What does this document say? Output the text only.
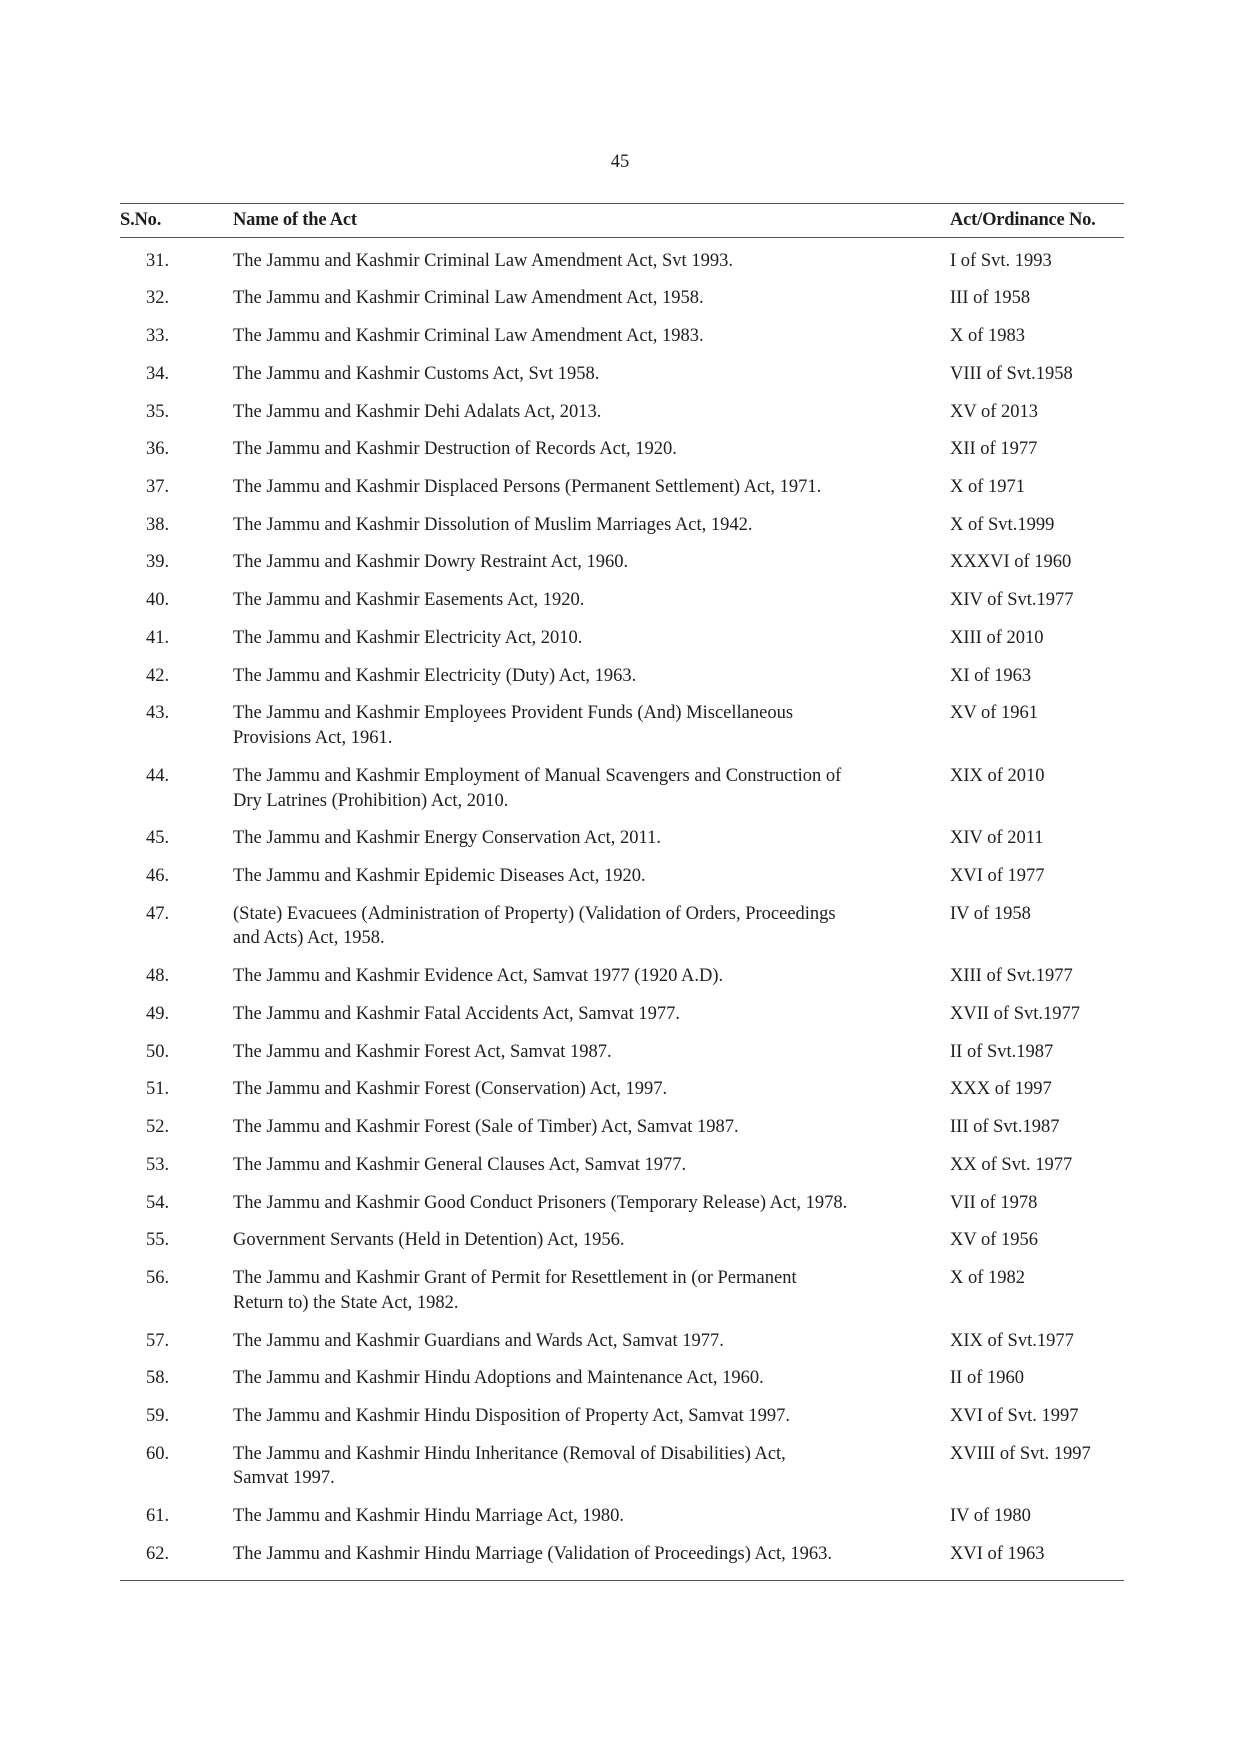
45
S.No.	Name of the Act	Act/Ordinance No.
31.	The Jammu and Kashmir Criminal Law Amendment Act, Svt 1993.	I of Svt. 1993
32.	The Jammu and Kashmir Criminal Law Amendment Act, 1958.	III of 1958
33.	The Jammu and Kashmir Criminal Law Amendment Act, 1983.	X of 1983
34.	The Jammu and Kashmir Customs Act, Svt 1958.	VIII of Svt.1958
35.	The Jammu and Kashmir Dehi Adalats Act, 2013.	XV of 2013
36.	The Jammu and Kashmir Destruction of Records Act, 1920.	XII of 1977
37.	The Jammu and Kashmir Displaced Persons (Permanent Settlement) Act, 1971.	X of 1971
38.	The Jammu and Kashmir Dissolution of Muslim Marriages Act, 1942.	X of Svt.1999
39.	The Jammu and Kashmir Dowry Restraint Act, 1960.	XXXVI of 1960
40.	The Jammu and Kashmir Easements Act, 1920.	XIV of Svt.1977
41.	The Jammu and Kashmir Electricity Act, 2010.	XIII of 2010
42.	The Jammu and Kashmir Electricity (Duty) Act, 1963.	XI of 1963
43.	The Jammu and Kashmir Employees Provident Funds (And) Miscellaneous
Provisions Act, 1961.	XV of 1961
44.	The Jammu and Kashmir Employment of Manual Scavengers and Construction of
Dry Latrines (Prohibition) Act, 2010.	XIX of 2010
45.	The Jammu and Kashmir Energy Conservation Act, 2011.	XIV of 2011
46.	The Jammu and Kashmir Epidemic Diseases Act, 1920.	XVI of 1977
47.	(State) Evacuees (Administration of Property) (Validation of Orders, Proceedings
and Acts) Act, 1958.	IV of 1958
48.	The Jammu and Kashmir Evidence Act, Samvat 1977 (1920 A.D).	XIII of Svt.1977
49.	The Jammu and Kashmir Fatal Accidents Act, Samvat 1977.	XVII of Svt.1977
50.	The Jammu and Kashmir Forest Act, Samvat 1987.	II of Svt.1987
51.	The Jammu and Kashmir Forest (Conservation) Act, 1997.	XXX of 1997
52.	The Jammu and Kashmir Forest (Sale of Timber) Act, Samvat 1987.	III of Svt.1987
53.	The Jammu and Kashmir General Clauses Act, Samvat 1977.	XX of Svt. 1977
54.	The Jammu and Kashmir Good Conduct Prisoners (Temporary Release) Act, 1978.	VII of 1978
55.	Government Servants (Held in Detention) Act, 1956.	XV of 1956
56.	The Jammu and Kashmir Grant of Permit for Resettlement in (or Permanent
Return to) the State Act, 1982.	X of 1982
57.	The Jammu and Kashmir Guardians and Wards Act, Samvat 1977.	XIX of Svt.1977
58.	The Jammu and Kashmir Hindu Adoptions and Maintenance Act, 1960.	II of 1960
59.	The Jammu and Kashmir Hindu Disposition of Property Act, Samvat 1997.	XVI of Svt. 1997
60.	The Jammu and Kashmir Hindu Inheritance (Removal of Disabilities) Act,
Samvat 1997.	XVIII of Svt. 1997
61.	The Jammu and Kashmir Hindu Marriage Act, 1980.	IV of 1980
62.	The Jammu and Kashmir Hindu Marriage (Validation of Proceedings) Act, 1963.	XVI of 1963
